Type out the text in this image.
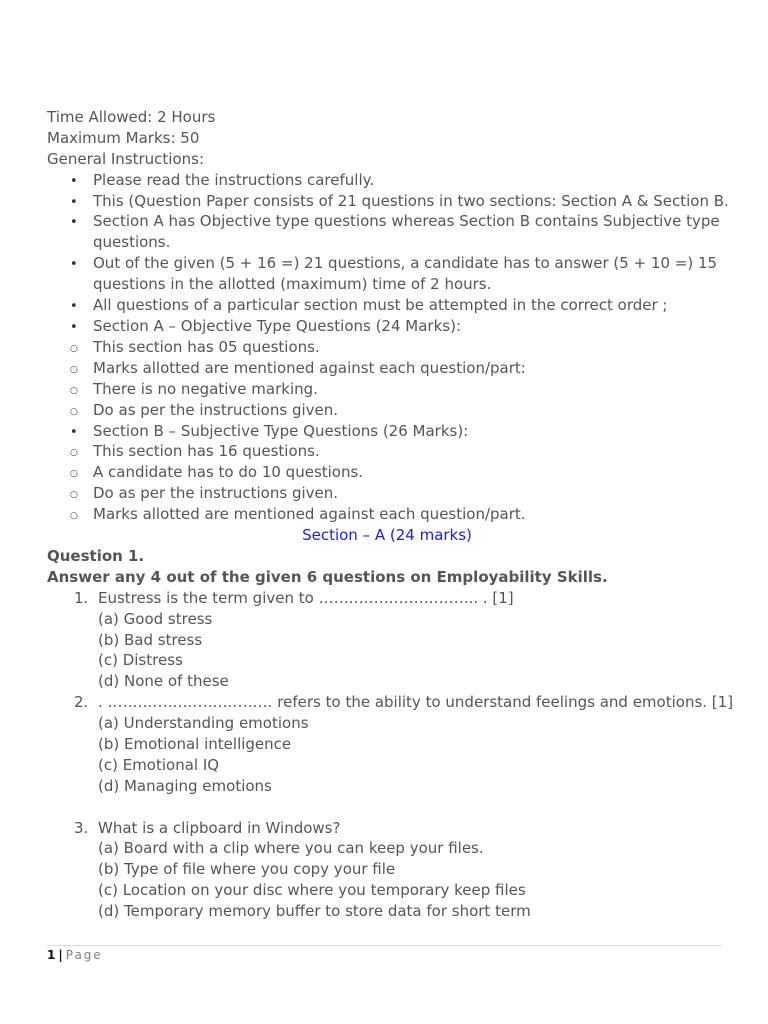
Time Allowed: 2 Hours
Maximum Marks: 50
General Instructions:
•
Please read the instructions carefully.
•
This (Question Paper consists of 21 questions in two sections: Section A & Section B.
•
Section A has Objective type questions whereas Section B contains Subjective type questions.
•
Out of the given (5 + 16 =) 21 questions, a candidate has to answer (5 + 10 =) 15 questions in the allotted (maximum) time of 2 hours.
•
All questions of a particular section must be attempted in the correct order ;
•
Section A – Objective Type Questions (24 Marks):
○
This section has 05 questions.
○
Marks allotted are mentioned against each question/part:
○
There is no negative marking.
○
Do as per the instructions given.
•
Section B – Subjective Type Questions (26 Marks):
○
This section has 16 questions.
○
A candidate has to do 10 questions.
○
Do as per the instructions given.
○
Marks allotted are mentioned against each question/part.
Section – A (24 marks)
Question 1.
Answer any 4 out of the given 6 questions on Employability Skills.
1. Eustress is the term given to ………………………….. . [1]
(a) Good stress
(b) Bad stress
(c) Distress
(d) None of these
2. . …………………………… refers to the ability to understand feelings and emotions. [1]
(a) Understanding emotions
(b) Emotional intelligence
(c) Emotional IQ
(d) Managing emotions
3. What is a clipboard in Windows?
(a) Board with a clip where you can keep your files.
(b) Type of file where you copy your file
(c) Location on your disc where you temporary keep files
(d) Temporary memory buffer to store data for short term
1 | Page
